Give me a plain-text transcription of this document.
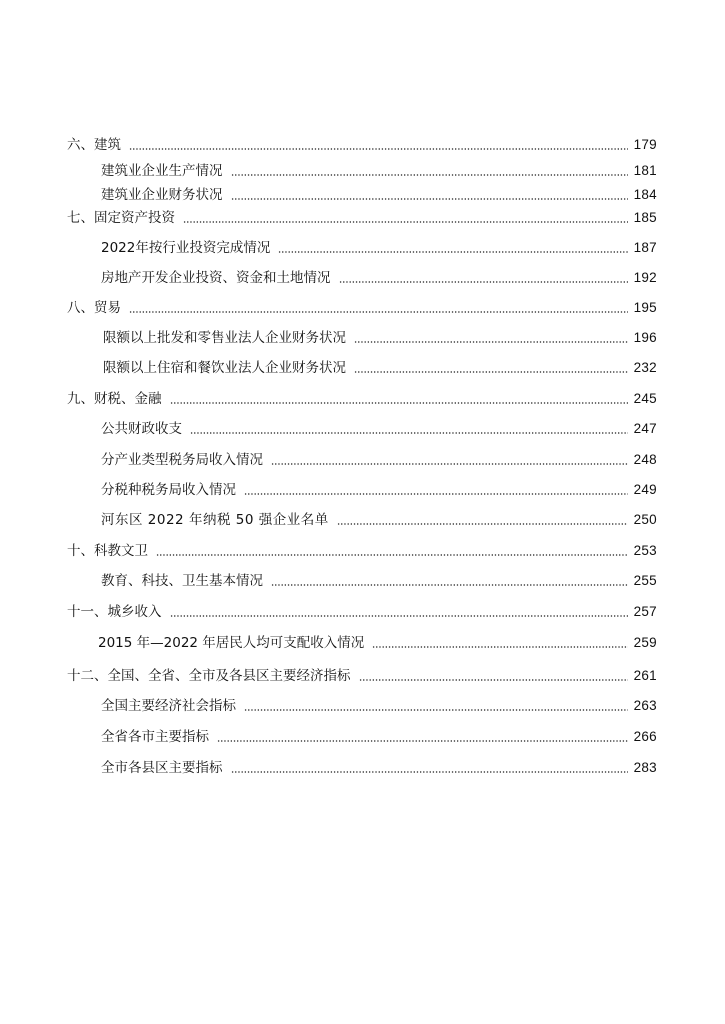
六、建筑	179
建筑业企业生产情况	181
建筑业企业财务状况	184
七、固定资产投资	185
2022年按行业投资完成情况	187
房地产开发企业投资、资金和土地情况	192
八、贸易	195
限额以上批发和零售业法人企业财务状况	196
限额以上住宿和餐饮业法人企业财务状况	232
九、财税、金融	245
公共财政收支	247
分产业类型税务局收入情况	248
分税种税务局收入情况	249
河东区 2022 年纳税 50 强企业名单	250
十、科教文卫	253
教育、科技、卫生基本情况	255
十一、城乡收入	257
2015 年—2022 年居民人均可支配收入情况	259
十二、全国、全省、全市及各县区主要经济指标	261
全国主要经济社会指标	263
全省各市主要指标	266
全市各县区主要指标	283
